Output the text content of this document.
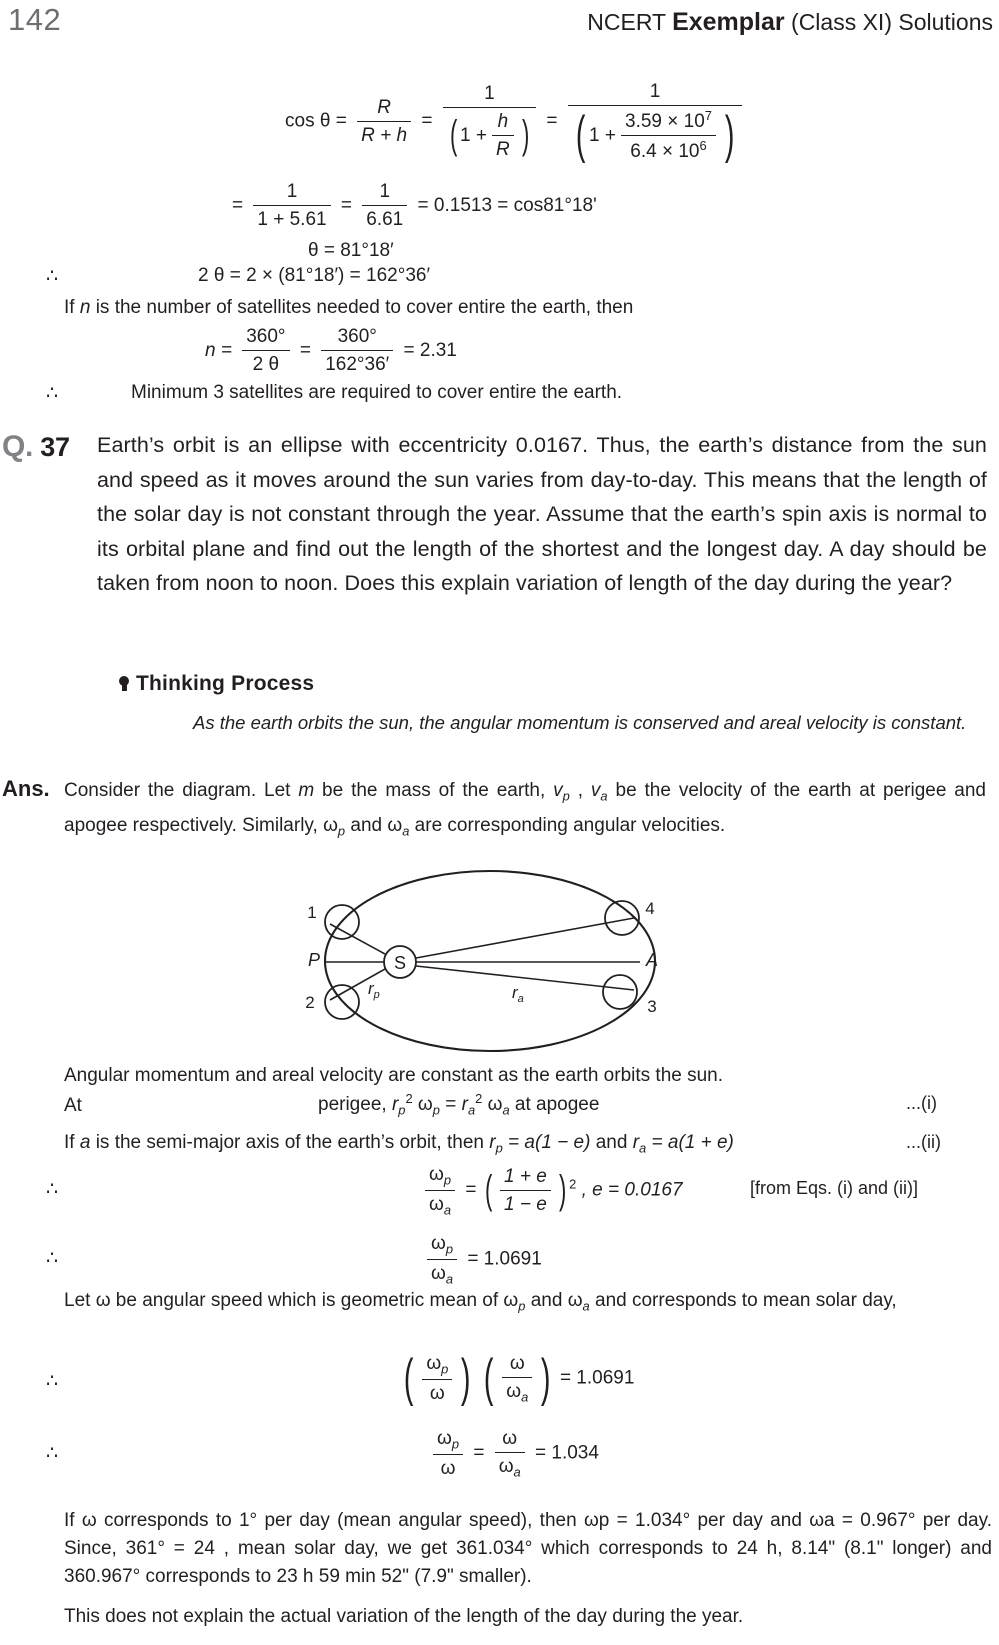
142	NCERT Exemplar (Class XI) Solutions
$\cos \theta = \frac{R}{R + h} = \frac{1}{( 1 + \frac{h}{R} )} = \frac{1}{( 1 + \frac{3.59 \times 10^7}{6.4 \times 10^6} )}$
= $\frac{1}{1 + 5.61} = \frac{1}{6.61} = 0.1513 = \cos 81^\circ 18'$
θ = 81°18′
∴	2 θ = 2 × (81°18′) = 162°36′
If n is the number of satellites needed to cover entire the earth, then
$n = \frac{360^\circ}{2 \theta} = \frac{360^\circ}{162^\circ 36'} = 2.31$
∴	Minimum 3 satellites are required to cover entire the earth.
Q. 37 Earth’s orbit is an ellipse with eccentricity 0.0167. Thus, the earth’s distance from the sun and speed as it moves around the sun varies from day-to-day. This means that the length of the solar day is not constant through the year. Assume that the earth’s spin axis is normal to its orbital plane and find out the length of the shortest and the longest day. A day should be taken from noon to noon. Does this explain variation of length of the day during the year?
Thinking Process
As the earth orbits the sun, the angular momentum is conserved and areal velocity is constant.
Ans. Consider the diagram. Let m be the mass of the earth, $v_p$ , $v_a$ be the velocity of the earth at perigee and apogee respectively. Similarly, $\omega_p$ and $\omega_a$ are corresponding angular velocities.
S
1
2	3
4
P	A
$r_p$	$r_a$
Angular momentum and areal velocity are constant as the earth orbits the sun.
At	perigee, $r_p^2$ $\omega_p = r_a^2$ $\omega_a$ at apogee	...(i)
If a is the semi-major axis of the earth’s orbit, then $r_p = a(1 - e)$ and $r_a = a(1 + e)$	...(ii)
∴	$\frac{\omega_p}{\omega_a}$ = ( $\frac{1 + e}{1 - e}$ ) $^2$ , e = 0.0167	[from Eqs. (i) and (ii)]
∴	$\frac{\omega_p}{\omega_a} = 1.0691$
Let ω be angular speed which is geometric mean of $\omega_p$ and $\omega_a$ and corresponds to mean solar day,
∴	( $\frac{\omega_p}{\omega}$ ) ( $\frac{\omega}{\omega_a}$ ) = 1.0691
∴	$\frac{\omega_p}{\omega} = \frac{\omega}{\omega_a} = 1.034$
If ω corresponds to 1° per day (mean angular speed), then ωp = 1.034° per day and ωa = 0.967° per day. Since, 361° = 24 , mean solar day, we get 361.034° which corresponds to 24 h, 8.14" (8.1" longer) and 360.967° corresponds to 23 h 59 min 52" (7.9" smaller).
This does not explain the actual variation of the length of the day during the year.
